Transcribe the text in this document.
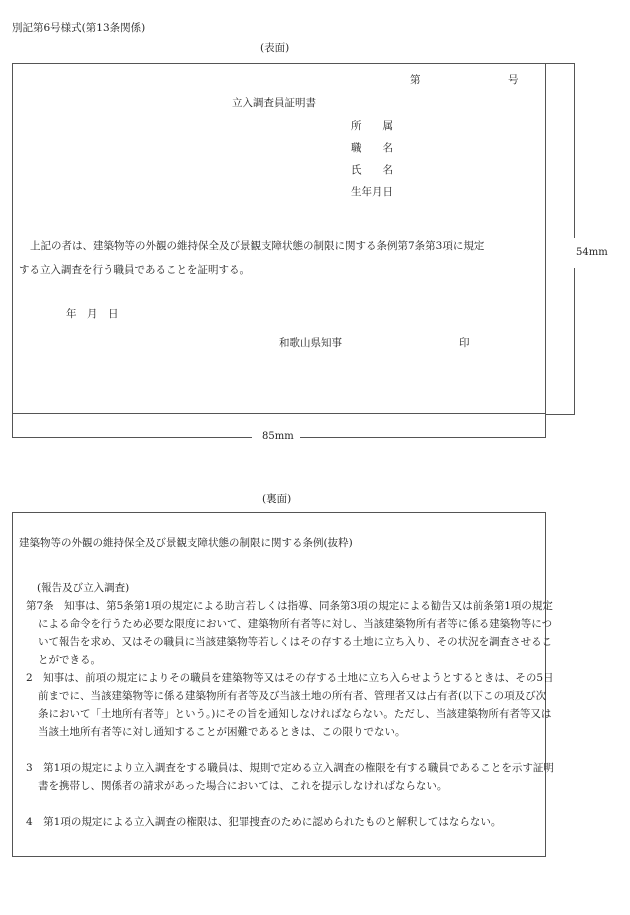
別記第6号様式(第13条関係)
(表面)
54mm
85mm
第	号
立入調査員証明書
所　　属
職　　名
氏　　名
生年月日
上記の者は、建築物等の外観の維持保全及び景観支障状態の制限に関する条例第7条第3項に規定
する立入調査を行う職員であることを証明する。
年　月　日
和歌山県知事	印
(裏面)
建築物等の外観の維持保全及び景観支障状態の制限に関する条例(抜粋)
(報告及び立入調査)
第7条　知事は、第5条第1項の規定による助言若しくは指導、同条第3項の規定による勧告又は前条第1項の規定による命令を行うため必要な限度において、建築物所有者等に対し、当該建築物所有者等に係る建築物等について報告を求め、又はその職員に当該建築物等若しくはその存する土地に立ち入り、その状況を調査させることができる。
2　知事は、前項の規定によりその職員を建築物等又はその存する土地に立ち入らせようとするときは、その5日前までに、当該建築物等に係る建築物所有者等及び当該土地の所有者、管理者又は占有者(以下この項及び次条において「土地所有者等」という。)にその旨を通知しなければならない。ただし、当該建築物所有者等又は当該土地所有者等に対し通知することが困難であるときは、この限りでない。
3　第1項の規定により立入調査をする職員は、規則で定める立入調査の権限を有する職員であることを示す証明書を携帯し、関係者の請求があった場合においては、これを提示しなければならない。
4　第1項の規定による立入調査の権限は、犯罪捜査のために認められたものと解釈してはならない。
